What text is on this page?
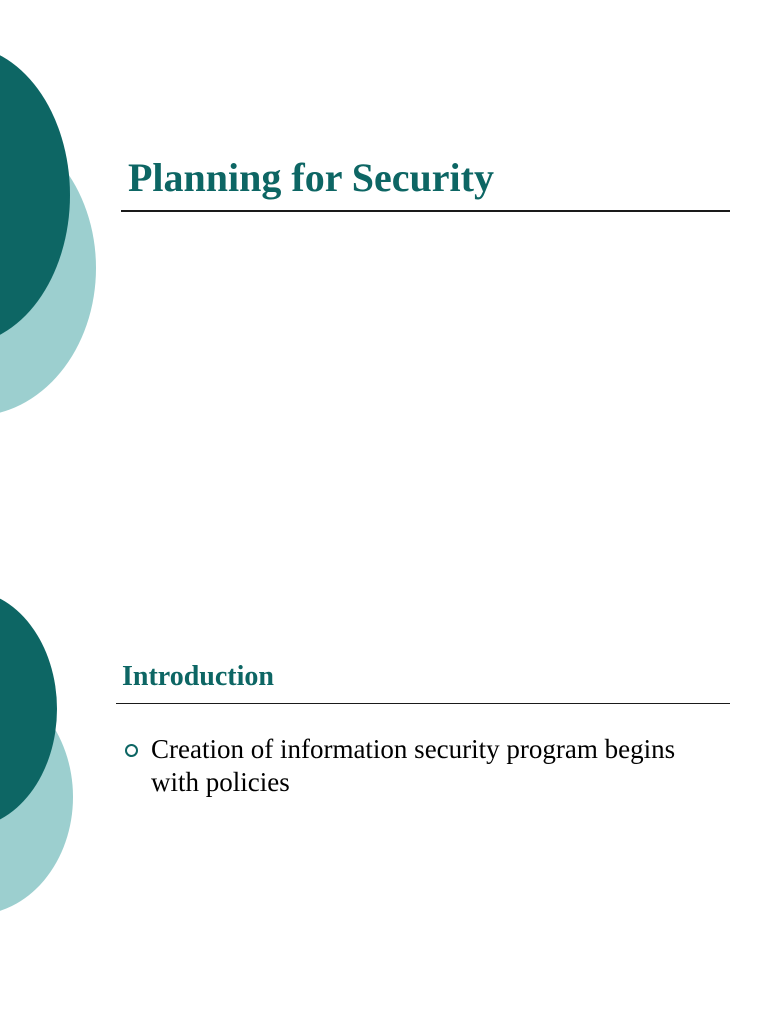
Planning for Security
Introduction
Creation of information security program begins with policies
